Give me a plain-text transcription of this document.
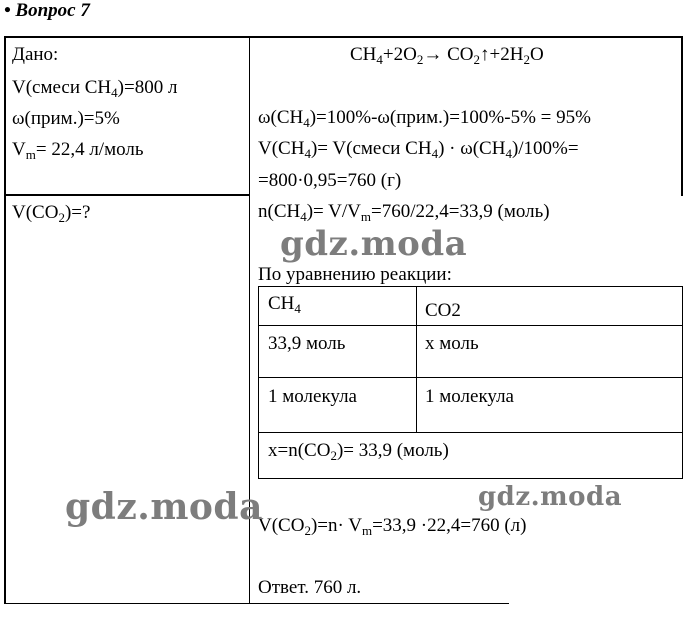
• Вопрос 7
Дано:
V(смеси $CH_4)=800$ л
ω(прим.)=5%
$V_m= 22,4$ л/моль
$V(CO_2)=$?
$CH_4+2O_2\to$ $CO_2↑+2H_2O$
$\omega(CH_4)=100\%-\omega(прим.)=100\%-5\% = 95\%$
$V(CH_4)=$ V(смеси $CH_4) \cdot \omega(CH_4)/100\%=$
=800·0,95=760 (г)
$n(CH_4)= V/V_m=760/22,4=33,9$ (моль)
По уравнению реакции:
$CH_4$	CO2
33,9 моль	x моль
1 молекула	1 молекула
$x=n(CO_2)= 33,9$ (моль)
$V(CO_2)=n\cdot V_m=33,9 \cdot 22,4=760$ (л)
Ответ. 760 л.
gdz.moda
gdz.moda	gdz.moda
